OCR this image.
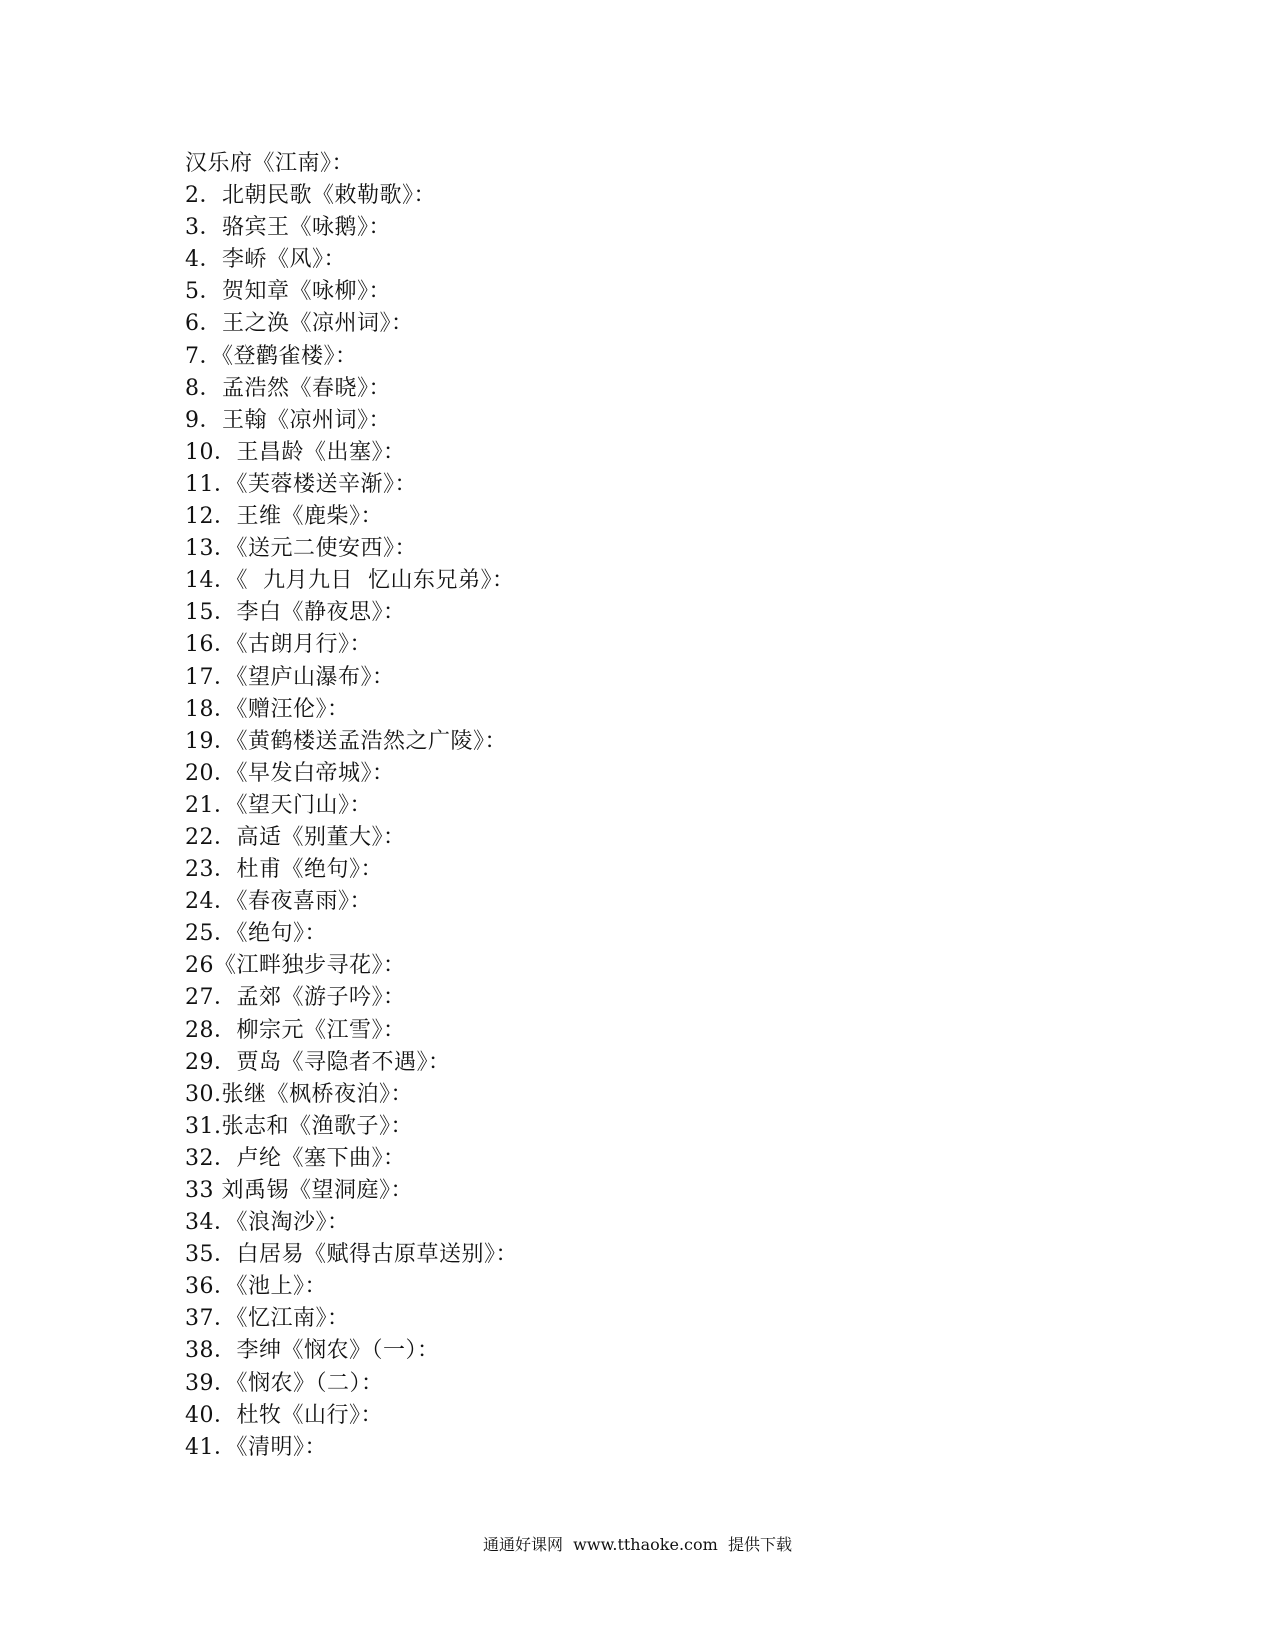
汉乐府《江南》：
2．北朝民歌《敕勒歌》：
3．骆宾王《咏鹅》：
4．李峤《风》：
5．贺知章《咏柳》：
6．王之涣《凉州词》：
7．《登鹳雀楼》：
8．孟浩然《春晓》：
9．王翰《凉州词》：
10．王昌龄《出塞》：
11．《芙蓉楼送辛渐》：
12．王维《鹿柴》：
13．《送元二使安西》：
14．《  九月九日  忆山东兄弟》：
15．李白《静夜思》：
16．《古朗月行》：
17．《望庐山瀑布》：
18．《赠汪伦》：
19．《黄鹤楼送孟浩然之广陵》：
20．《早发白帝城》：
21．《望天门山》：
22．高适《别董大》：
23．杜甫《绝句》：
24．《春夜喜雨》：
25．《绝句》：
26《江畔独步寻花》：
27．孟郊《游子吟》：
28．柳宗元《江雪》：
29．贾岛《寻隐者不遇》：
30.张继《枫桥夜泊》：
31.张志和《渔歌子》：
32．卢纶《塞下曲》：
33 刘禹锡《望洞庭》：
34．《浪淘沙》：
35．白居易《赋得古原草送别》：
36．《池上》：
37．《忆江南》：
38．李绅《悯农》（一）：
39．《悯农》（二）：
40．杜牧《山行》：
41．《清明》：
通通好课网  www.tthaoke.com  提供下载
